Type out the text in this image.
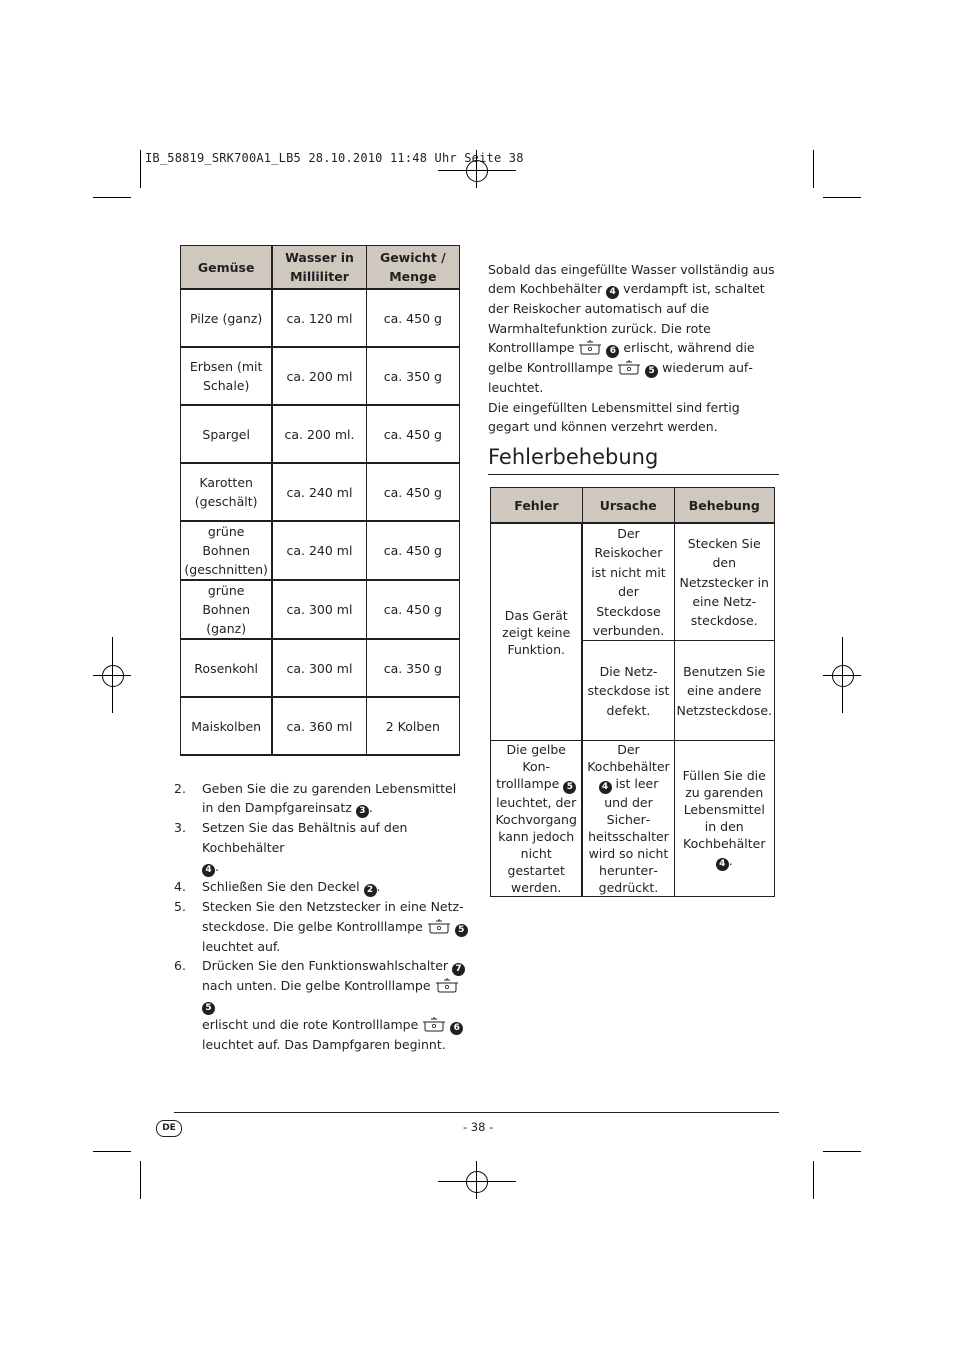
IB_58819_SRK700A1_LB5 28.10.2010 11:48 Uhr Seite 38
Gemüse	Wasser in Milliliter	Gewicht / Menge
Pilze (ganz)	ca. 120 ml	ca. 450 g
Erbsen (mit Schale)	ca. 200 ml	ca. 350 g
Spargel	ca. 200 ml.	ca. 450 g
Karotten (geschält)	ca. 240 ml	ca. 450 g
grüne Bohnen (geschnitten)	ca. 240 ml	ca. 450 g
grüne Bohnen (ganz)	ca. 300 ml	ca. 450 g
Rosenkohl	ca. 300 ml	ca. 350 g
Maiskolben	ca. 360 ml	2 Kolben
2. Geben Sie die zu garenden Lebensmittel in den Dampfgareinsatz 3 .
3. Setzen Sie das Behältnis auf den Kochbehälter
4 .
4. Schließen Sie den Deckel 2 .
5. Stecken Sie den Netzstecker in eine Netzsteckdose. Die gelbe Kontrolllampe	5
leuchtet auf.
6. Drücken Sie den Funktionswahlschalter 7
nach unten. Die gelbe Kontrolllampe  5
erlischt und die rote Kontrolllampe	6
leuchtet auf. Das Dampfgaren beginnt.
Sobald das eingefüllte Wasser vollständig aus dem Kochbehälter 4 verdampft ist, schaltet der Reiskocher automatisch auf die Warmhaltefunktion zurück. Die rote Kontrolllampe	6 erlischt, während die gelbe Kontrolllampe	5 wiederum aufleuchtet.
Die eingefüllten Lebensmittel sind fertig gegart und können verzehrt werden.
Fehlerbehebung
Fehler	Ursache	Behebung
Das Gerät zeigt keine Funktion.	Der Reiskocher ist nicht mit der Steckdose verbunden.	Stecken Sie den Netzstecker in eine Netzsteckdose.
	Die Netzsteckdose ist defekt.	Benutzen Sie eine andere Netzsteckdose.
Die gelbe Kontrolllampe 5 leuchtet, der Kochvorgang kann jedoch nicht gestartet werden.	Der Kochbehälter 4 ist leer und der Sicherheitsschalter wird so nicht heruntergedrückt.	Füllen Sie die zu garenden Lebensmittel in den Kochbehälter 4 .
DE	- 38 -
